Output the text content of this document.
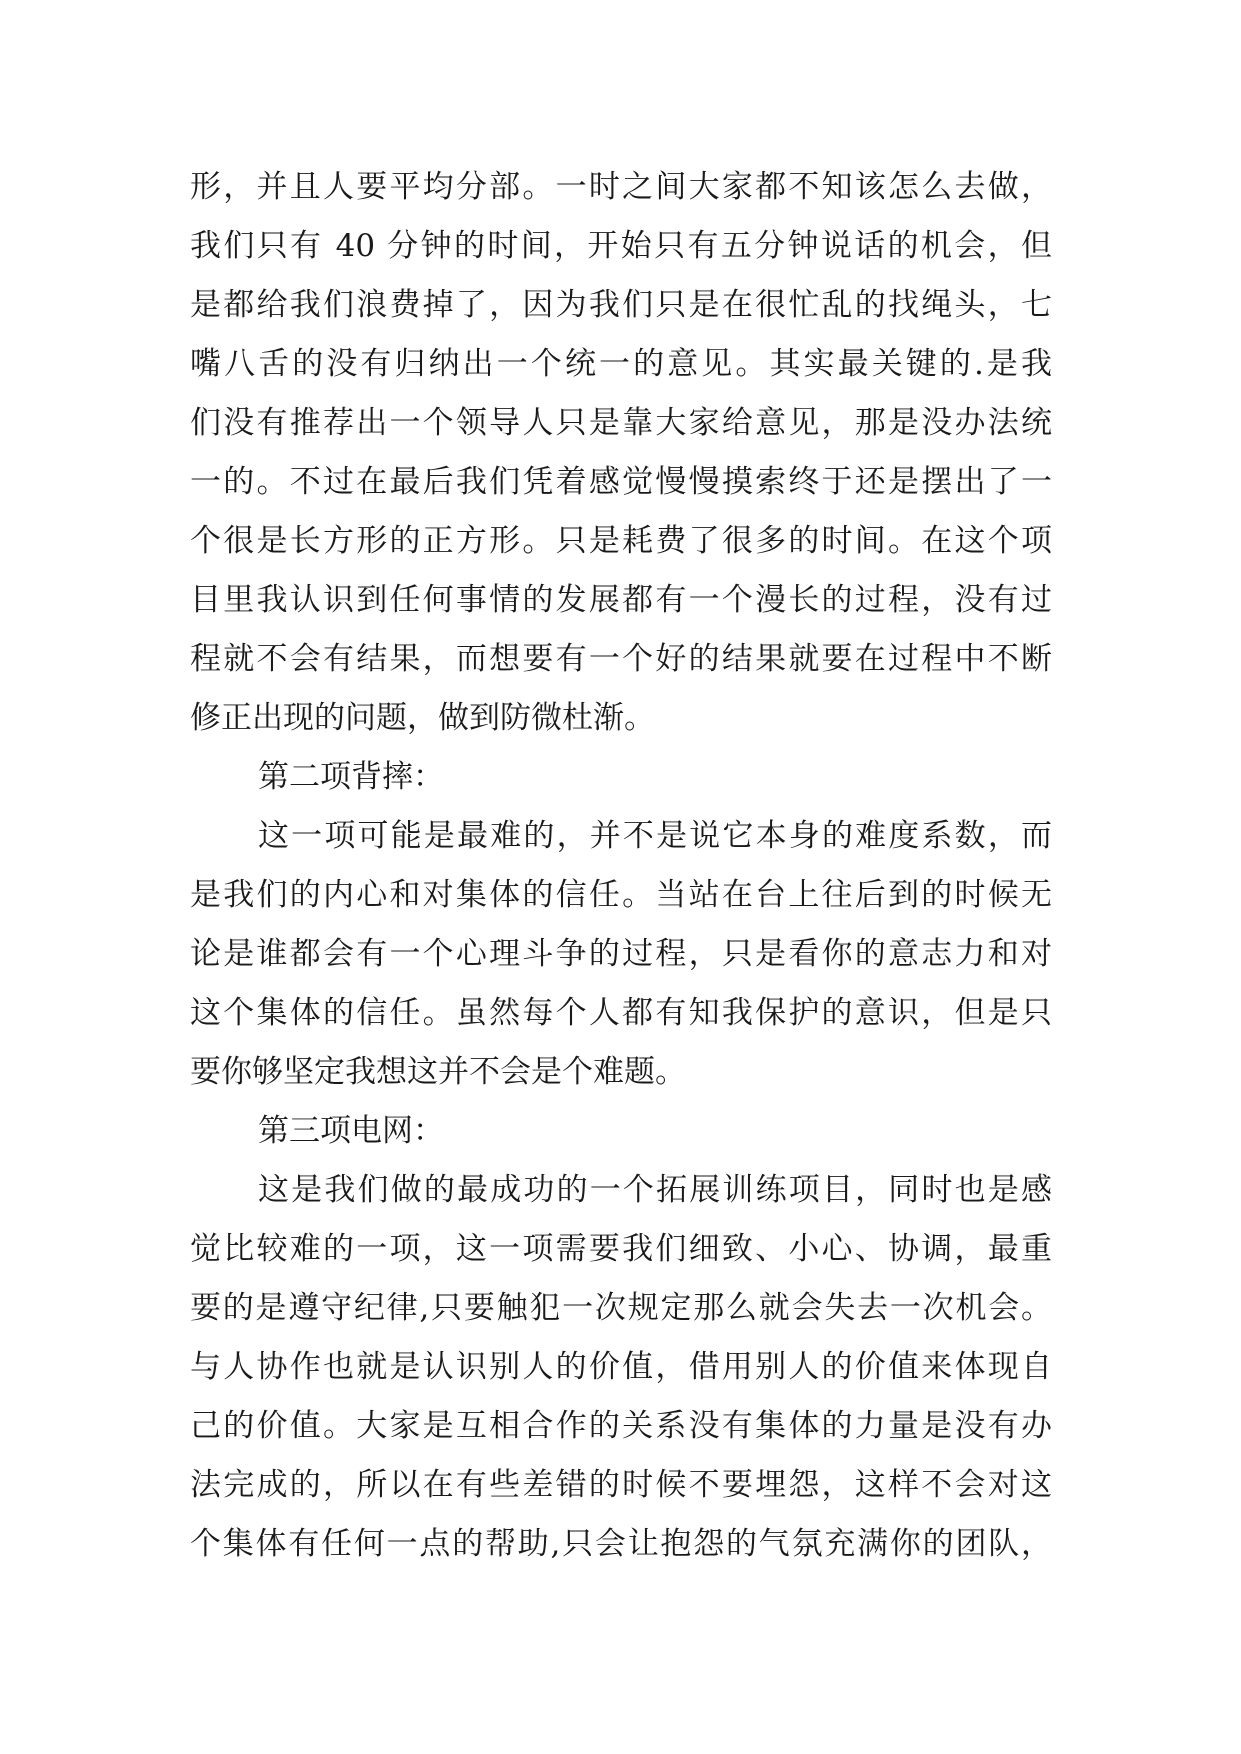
形，并且人要平均分部。一时之间大家都不知该怎么去做，
我们只有 40 分钟的时间，开始只有五分钟说话的机会，但
是都给我们浪费掉了，因为我们只是在很忙乱的找绳头，七
嘴八舌的没有归纳出一个统一的意见。其实最关键的.是我
们没有推荐出一个领导人只是靠大家给意见，那是没办法统
一的。不过在最后我们凭着感觉慢慢摸索终于还是摆出了一
个很是长方形的正方形。只是耗费了很多的时间。在这个项
目里我认识到任何事情的发展都有一个漫长的过程，没有过
程就不会有结果，而想要有一个好的结果就要在过程中不断
修正出现的问题，做到防微杜渐。
第二项背摔：
这一项可能是最难的，并不是说它本身的难度系数，而
是我们的内心和对集体的信任。当站在台上往后到的时候无
论是谁都会有一个心理斗争的过程，只是看你的意志力和对
这个集体的信任。虽然每个人都有知我保护的意识，但是只
要你够坚定我想这并不会是个难题。
第三项电网：
这是我们做的最成功的一个拓展训练项目，同时也是感
觉比较难的一项，这一项需要我们细致、小心、协调，最重
要的是遵守纪律,只要触犯一次规定那么就会失去一次机会。
与人协作也就是认识别人的价值，借用别人的价值来体现自
己的价值。大家是互相合作的关系没有集体的力量是没有办
法完成的，所以在有些差错的时候不要埋怨，这样不会对这
个集体有任何一点的帮助,只会让抱怨的气氛充满你的团队，
